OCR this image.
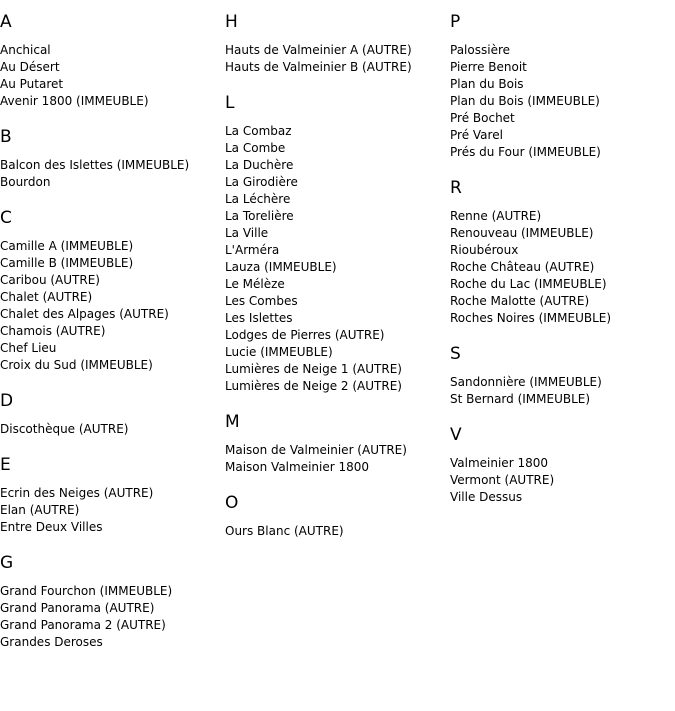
A
Anchical
Au Désert
Au Putaret
Avenir 1800 (IMMEUBLE)
B
Balcon des Islettes (IMMEUBLE)
Bourdon
C
Camille A (IMMEUBLE)
Camille B (IMMEUBLE)
Caribou (AUTRE)
Chalet (AUTRE)
Chalet des Alpages (AUTRE)
Chamois (AUTRE)
Chef Lieu
Croix du Sud (IMMEUBLE)
D
Discothèque (AUTRE)
E
Ecrin des Neiges (AUTRE)
Elan (AUTRE)
Entre Deux Villes
G
Grand Fourchon (IMMEUBLE)
Grand Panorama (AUTRE)
Grand Panorama 2 (AUTRE)
Grandes Deroses
H
Hauts de Valmeinier A (AUTRE)
Hauts de Valmeinier B (AUTRE)
L
La Combaz
La Combe
La Duchère
La Girodière
La Léchère
La Torelière
La Ville
L'Arméra
Lauza (IMMEUBLE)
Le Mélèze
Les Combes
Les Islettes
Lodges de Pierres (AUTRE)
Lucie (IMMEUBLE)
Lumières de Neige 1 (AUTRE)
Lumières de Neige 2 (AUTRE)
M
Maison de Valmeinier (AUTRE)
Maison Valmeinier 1800
O
Ours Blanc (AUTRE)
P
Palossière
Pierre Benoit
Plan du Bois
Plan du Bois (IMMEUBLE)
Pré Bochet
Pré Varel
Prés du Four (IMMEUBLE)
R
Renne (AUTRE)
Renouveau (IMMEUBLE)
Rioubéroux
Roche Château (AUTRE)
Roche du Lac (IMMEUBLE)
Roche Malotte (AUTRE)
Roches Noires (IMMEUBLE)
S
Sandonnière (IMMEUBLE)
St Bernard (IMMEUBLE)
V
Valmeinier 1800
Vermont (AUTRE)
Ville Dessus
